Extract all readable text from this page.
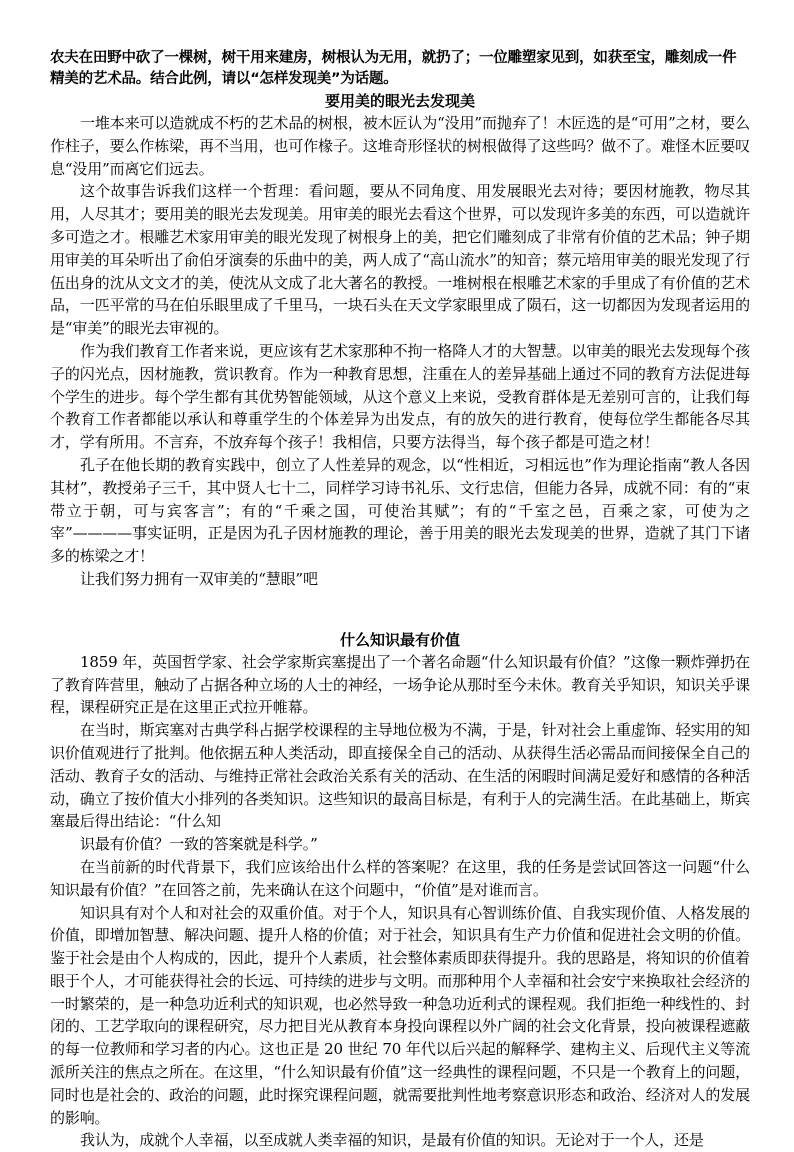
农夫在田野中砍了一棵树，树干用来建房，树根认为无用，就扔了；一位雕塑家见到，如获至宝，雕刻成一件精美的艺术品。结合此例，请以“怎样发现美”为话题。

要用美的眼光去发现美

一堆本来可以造就成不朽的艺术品的树根，被木匠认为“没用”而抛弃了！木匠选的是“可用”之材，要么作柱子，要么作栋梁，再不当用，也可作椽子。这堆奇形怪状的树根做得了这些吗？做不了。难怪木匠要叹息“没用”而离它们远去。

这个故事告诉我们这样一个哲理：看问题，要从不同角度、用发展眼光去对待；要因材施教，物尽其用，人尽其才；要用美的眼光去发现美。用审美的眼光去看这个世界，可以发现许多美的东西，可以造就许多可造之才。根雕艺术家用审美的眼光发现了树根身上的美，把它们雕刻成了非常有价值的艺术品；钟子期用审美的耳朵听出了俞伯牙演奏的乐曲中的美，两人成了“高山流水”的知音；蔡元培用审美的眼光发现了行伍出身的沈从文文才的美，使沈从文成了北大著名的教授。一堆树根在根雕艺术家的手里成了有价值的艺术品，一匹平常的马在伯乐眼里成了千里马，一块石头在天文学家眼里成了陨石，这一切都因为发现者运用的是“审美”的眼光去审视的。

作为我们教育工作者来说，更应该有艺术家那种不拘一格降人才的大智慧。以审美的眼光去发现每个孩子的闪光点，因材施教，赏识教育。作为一种教育思想，注重在人的差异基础上通过不同的教育方法促进每个学生的进步。每个学生都有其优势智能领域，从这个意义上来说，受教育群体是无差别可言的，让我们每个教育工作者都能以承认和尊重学生的个体差异为出发点，有的放矢的进行教育，使每位学生都能各尽其才，学有所用。不言弃，不放弃每个孩子！我相信，只要方法得当，每个孩子都是可造之材！

孔子在他长期的教育实践中，创立了人性差异的观念，以“性相近，习相远也”作为理论指南“教人各因其材”，教授弟子三千，其中贤人七十二，同样学习诗书礼乐、文行忠信，但能力各异，成就不同：有的“束带立于朝，可与宾客言”；有的“千乘之国，可使治其赋”；有的“千室之邑，百乘之家，可使为之宰”————事实证明，正是因为孔子因材施教的理论，善于用美的眼光去发现美的世界，造就了其门下诸多的栋梁之才！

让我们努力拥有一双审美的“慧眼”吧

什么知识最有价值

1859 年，英国哲学家、社会学家斯宾塞提出了一个著名命题“什么知识最有价值？”这像一颗炸弹扔在了教育阵营里，触动了占据各种立场的人士的神经，一场争论从那时至今未休。教育关乎知识，知识关乎课程，课程研究正是在这里正式拉开帷幕。

在当时，斯宾塞对古典学科占据学校课程的主导地位极为不满，于是，针对社会上重虚饰、轻实用的知识价值观进行了批判。他依据五种人类活动，即直接保全自己的活动、从获得生活必需品而间接保全自己的活动、教育子女的活动、与维持正常社会政治关系有关的活动、在生活的闲暇时间满足爱好和感情的各种活动，确立了按价值大小排列的各类知识。这些知识的最高目标是，有利于人的完满生活。在此基础上，斯宾塞最后得出结论：“什么知

识最有价值？一致的答案就是科学。”

在当前新的时代背景下，我们应该给出什么样的答案呢？在这里，我的任务是尝试回答这一问题“什么知识最有价值？”在回答之前，先来确认在这个问题中，“价值”是对谁而言。

知识具有对个人和对社会的双重价值。对于个人，知识具有心智训练价值、自我实现价值、人格发展的价值，即增加智慧、解决问题、提升人格的价值；对于社会，知识具有生产力价值和促进社会文明的价值。鉴于社会是由个人构成的，因此，提升个人素质，社会整体素质即获得提升。我的思路是，将知识的价值着眼于个人，才可能获得社会的长远、可持续的进步与文明。而那种用个人幸福和社会安宁来换取社会经济的一时繁荣的，是一种急功近利式的知识观，也必然导致一种急功近利式的课程观。我们拒绝一种线性的、封闭的、工艺学取向的课程研究，尽力把目光从教育本身投向课程以外广阔的社会文化背景，投向被课程遮蔽的每一位教师和学习者的内心。这也正是 20 世纪 70 年代以后兴起的解释学、建构主义、后现代主义等流派所关注的焦点之所在。在这里，“什么知识最有价值”这一经典性的课程问题，不只是一个教育上的问题，同时也是社会的、政治的问题，此时探究课程问题，就需要批判性地考察意识形态和政治、经济对人的发展的影响。

我认为，成就个人幸福，以至成就人类幸福的知识，是最有价值的知识。无论对于一个人，还是
